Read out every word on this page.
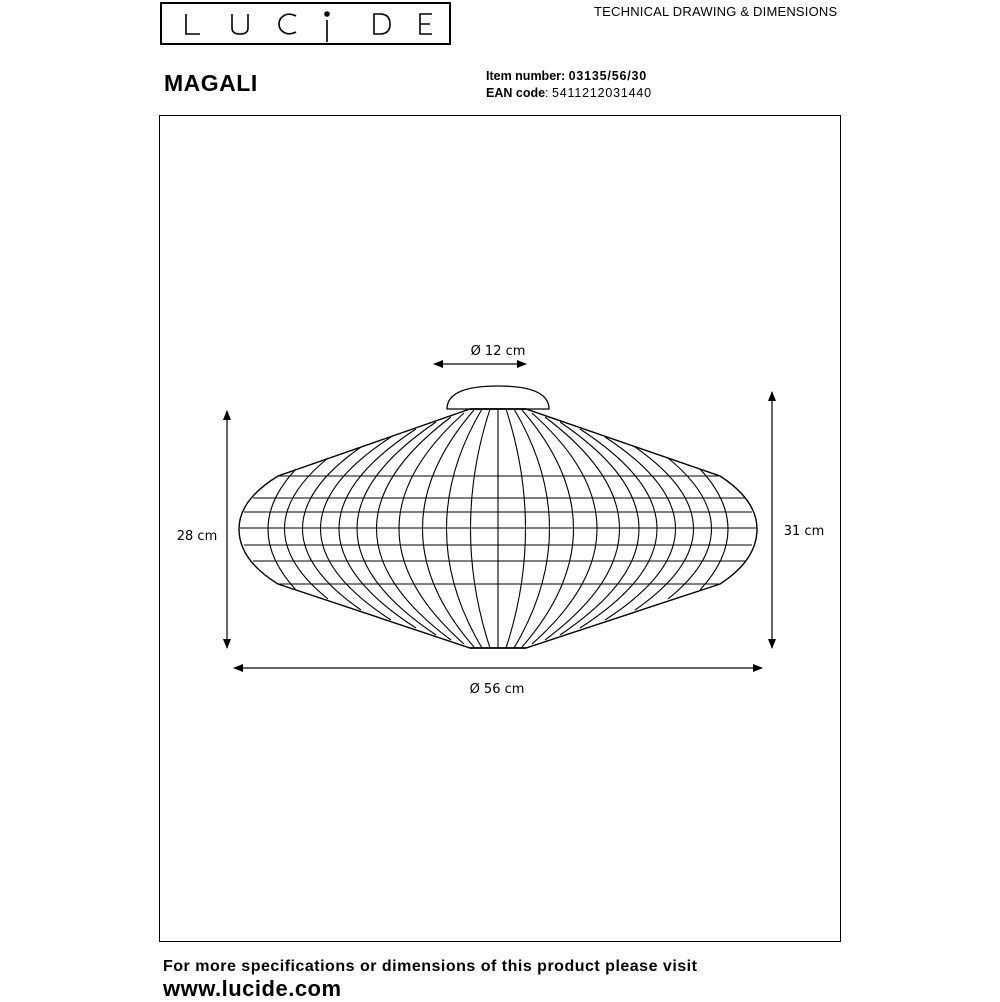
TECHNICAL DRAWING & DIMENSIONS
MAGALI	Item number: 03135/56/30
EAN code: 5411212031440
Ø 12 cm
28 cm	31 cm
Ø 56 cm
For more specifications or dimensions of this product please visit
www.lucide.com
